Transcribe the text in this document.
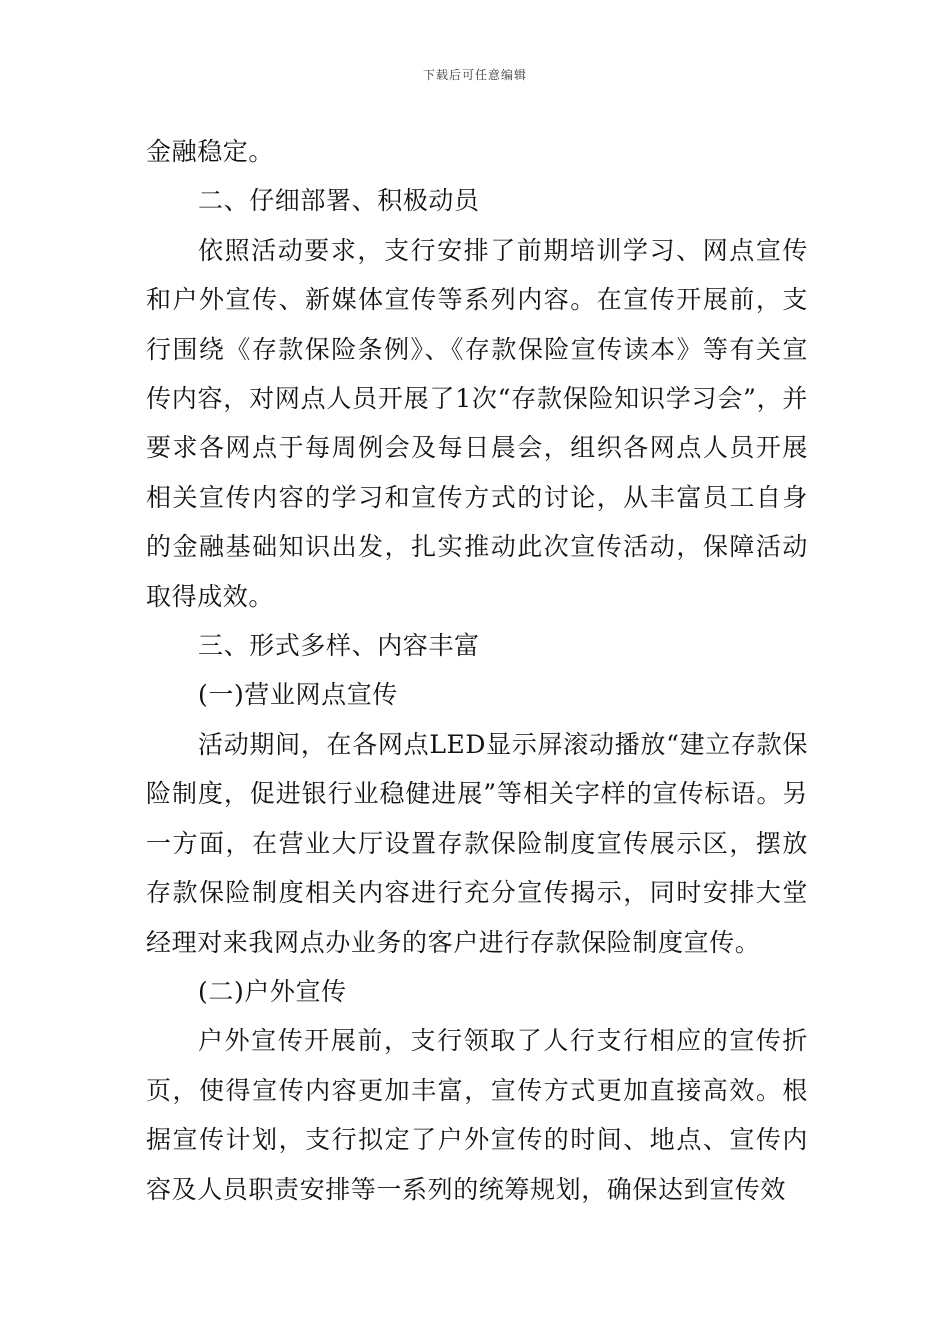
下载后可任意编辑

金融稳定。

二、仔细部署、积极动员

依照活动要求，支行安排了前期培训学习、网点宣传和户外宣传、新媒体宣传等系列内容。在宣传开展前，支行围绕《存款保险条例》、《存款保险宣传读本》等有关宣传内容，对网点人员开展了1次“存款保险知识学习会”，并要求各网点于每周例会及每日晨会，组织各网点人员开展相关宣传内容的学习和宣传方式的讨论，从丰富员工自身的金融基础知识出发，扎实推动此次宣传活动，保障活动取得成效。

三、形式多样、内容丰富

(一)营业网点宣传

活动期间，在各网点LED显示屏滚动播放“建立存款保险制度，促进银行业稳健进展”等相关字样的宣传标语。另一方面，在营业大厅设置存款保险制度宣传展示区，摆放存款保险制度相关内容进行充分宣传揭示，同时安排大堂经理对来我网点办业务的客户进行存款保险制度宣传。

(二)户外宣传

户外宣传开展前，支行领取了人行支行相应的宣传折页，使得宣传内容更加丰富，宣传方式更加直接高效。根据宣传计划，支行拟定了户外宣传的时间、地点、宣传内容及人员职责安排等一系列的统筹规划，确保达到宣传效
